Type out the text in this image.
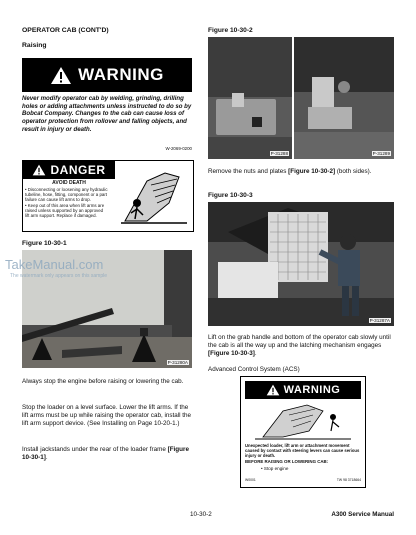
OPERATOR CAB (CONT'D)
Raising
WARNING
Never modify operator cab by welding, grinding, drilling holes or adding attachments unless instructed to do so by Bobcat Company. Changes to the cab can cause loss of operator protection from rollover and falling objects, and result in injury or death.
W-2069-0200
DANGER
AVOID DEATH
• Disconnecting or loosening any hydraulic
tubeline, hose, fitting, component or a part
failure can cause lift arms to drop.
• Keep out of this area when lift arms are
raised unless supported by an approved
lift arm support. Replace if damaged.
Figure 10-30-1
P-31280A
TakeManual.com
The watermark only appears on this sample
Always stop the engine before raising or lowering the cab.
Stop the loader on a level surface. Lower the lift arms. If the lift arms must be up while raising the operator cab, install the lift arm support device. (See Installing on Page 10-20-1.)
Install jackstands under the rear of the loader frame [Figure 10-30-1].
Figure 10-30-2
P-31288	P-31289
Remove the nuts and plates [Figure 10-30-2] (both sides).
Figure 10-30-3
P-31287A
Lift on the grab handle and bottom of the operator cab slowly until the cab is all the way up and the latching mechanism engages [Figure 10-30-3].
Advanced Control System (ACS)
WARNING
Unexpected loader, lift arm or attachment movement caused by contact with steering levers can cause serious injury or death.
BEFORE RAISING OR LOWERING CAB:
• Stop engine
W0001	TW 98 3718664
10-30-2	A300 Service Manual
